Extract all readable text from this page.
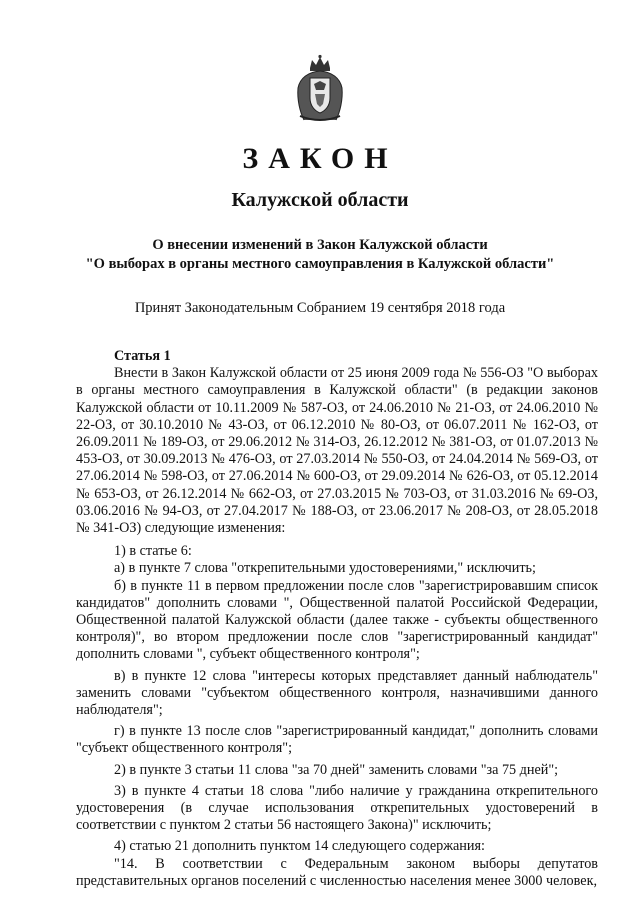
ЗАКОН
Калужской области
О внесении изменений в Закон Калужской области
"О выборах в органы местного самоуправления в Калужской области"
Принят Законодательным Собранием 19 сентября 2018 года

Статья 1

Внести в Закон Калужской области от 25 июня 2009 года № 556-ОЗ "О выборах в органы местного самоуправления в Калужской области" (в редакции законов Калужской области от 10.11.2009 № 587-ОЗ, от 24.06.2010 № 21-ОЗ, от 24.06.2010 № 22-ОЗ, от 30.10.2010 № 43-ОЗ, от 06.12.2010 № 80-ОЗ, от 06.07.2011 № 162-ОЗ, от 26.09.2011 № 189-ОЗ, от 29.06.2012 № 314-ОЗ, 26.12.2012 № 381-ОЗ, от 01.07.2013 № 453-ОЗ, от 30.09.2013 № 476-ОЗ, от 27.03.2014 № 550-ОЗ, от 24.04.2014 № 569-ОЗ, от 27.06.2014 № 598-ОЗ, от 27.06.2014 № 600-ОЗ, от 29.09.2014 № 626-ОЗ, от 05.12.2014 № 653-ОЗ, от 26.12.2014 № 662-ОЗ, от 27.03.2015 № 703-ОЗ, от 31.03.2016 № 69-ОЗ, 03.06.2016 № 94-ОЗ, от 27.04.2017 № 188-ОЗ, от 23.06.2017 № 208-ОЗ, от 28.05.2018 № 341-ОЗ) следующие изменения:

1) в статье 6:

а) в пункте 7 слова "открепительными удостоверениями," исключить;

б) в пункте 11 в первом предложении после слов "зарегистрировавшим список кандидатов" дополнить словами ", Общественной палатой Российской Федерации, Общественной палатой Калужской области (далее также - субъекты общественного контроля)", во втором предложении после слов "зарегистрированный кандидат" дополнить словами ", субъект общественного контроля";

в) в пункте 12 слова "интересы которых представляет данный наблюдатель" заменить словами "субъектом общественного контроля, назначившими данного наблюдателя";

г) в пункте 13 после слов "зарегистрированный кандидат," дополнить словами "субъект общественного контроля";

2) в пункте 3 статьи 11 слова "за 70 дней" заменить словами "за 75 дней";

3) в пункте 4 статьи 18 слова "либо наличие у гражданина открепительного удостоверения (в случае использования открепительных удостоверений в соответствии с пунктом 2 статьи 56 настоящего Закона)" исключить;

4) статью 21 дополнить пунктом 14 следующего содержания:

"14. В соответствии с Федеральным законом выборы депутатов представительных органов поселений с численностью населения менее 3000 человек,
